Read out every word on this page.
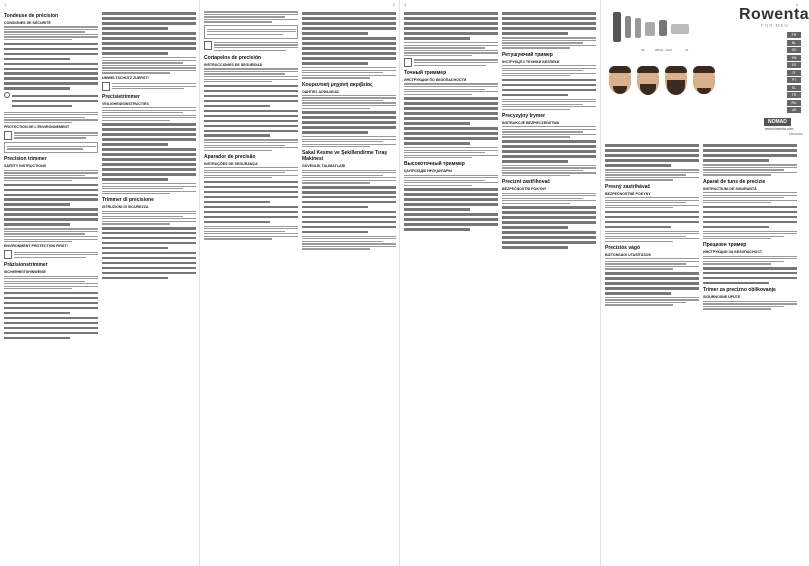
1
Tondeuse de précision
CONSIGNES DE SÉCURITÉ
PROTECTION DE L'ENVIRONNEMENT
Precision trimmer
SAFETY INSTRUCTIONS
ENVIRONMENT PROTECTION FIRST!
Präzisionstrimmer
SICHERHEITSHINWEISE
UMWELTSCHUTZ ZUERST!
Precisietrimmer
VEILIGHEIDSINSTRUCTIES
Trimmer di precisione
ISTRUZIONI DI SICUREZZA
2
Cortapelos de precisión
INSTRUCCIONES DE SEGURIDAD
Aparador de precisão
INSTRUÇÕES DE SEGURANÇA
Κουρευτική μηχανή ακριβείας
ΟΔΗΓΙΕΣ ΑΣΦΑΛΕΙΑΣ
Sakal Kesme ve Şekillendirme Tıraş Makinesi
GÜVENLİK TALİMATLARI
3
Точный триммер
ИНСТРУКЦИИ ПО БЕЗОПАСНОСТИ
Высокоточный триммер
ҚАУІПСІЗДІК НҰСҚАУЛАРЫ
Ретушуючий тример
ІНСТРУКЦІЇ З ТЕХНІКИ БЕЗПЕКИ
Precyzyjny trymer
INSTRUKCJE BEZPIECZEŃSTWA
Precizní zastřihovač
BEZPEČNOSTNÍ POKYNY
4
29	28/30 ~ 9/10	15
Rowenta
FOR MEN
FR
NL
DE
EN
ES
IT
PT
EL
TR
RU
UK
NOMAD
www.rowenta.com
1800000000
Presný zastrihávač
BEZPEČNOSTNÉ POKYNY
Precíziós vágó
BIZTONSÁGI UTASÍTÁSOK
Aparat de tuns de precizie
INSTRUCȚIUNI DE SIGURANȚĂ
Прецизен тример
ИНСТРУКЦИИ ЗА БЕЗОПАСНОСТ
Trimer za precizno oblikovanje
SIGURNOSNE UPUTE
